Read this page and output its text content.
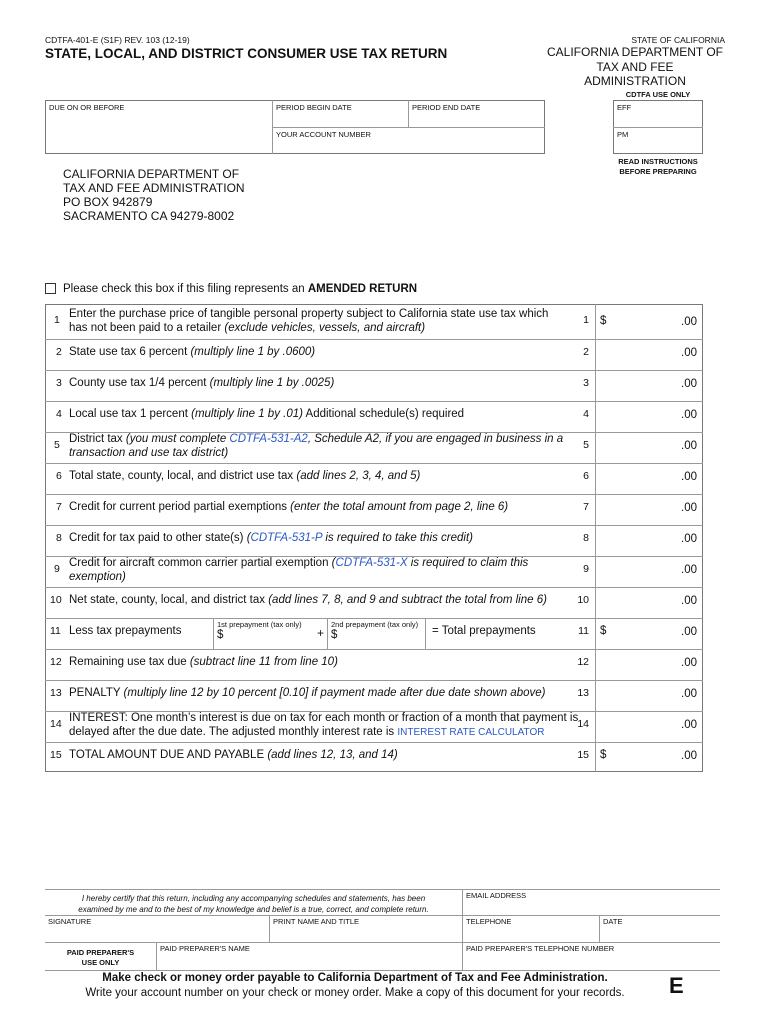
CDTFA-401-E (S1F) REV. 103 (12-19)
STATE, LOCAL, AND DISTRICT CONSUMER USE TAX RETURN
STATE OF CALIFORNIA
CALIFORNIA DEPARTMENT OF
TAX AND FEE ADMINISTRATION
DUE ON OR BEFORE	PERIOD BEGIN DATE	PERIOD END DATE
YOUR ACCOUNT NUMBER
CDTFA USE ONLY
EFF
PM
READ INSTRUCTIONS
BEFORE PREPARING
CALIFORNIA DEPARTMENT OF
TAX AND FEE ADMINISTRATION
PO BOX 942879
SACRAMENTO CA 94279-8002
Please check this box if this filing represents an AMENDED RETURN
1 Enter the purchase price of tangible personal property subject to California state use tax which
has not been paid to a retailer (exclude vehicles, vessels, and aircraft)
1 $	.00
2 State use tax 6 percent (multiply line 1 by .0600)	2	.00
3 County use tax 1/4 percent (multiply line 1 by .0025)	3	.00
4 Local use tax 1 percent (multiply line 1 by .01) Additional schedule(s) required	4	.00
5 District tax (you must complete CDTFA-531-A2, Schedule A2, if you are engaged in business in a
transaction and use tax district)
5	.00
6 Total state, county, local, and district use tax (add lines 2, 3, 4, and 5)	6	.00
7 Credit for current period partial exemptions (enter the total amount from page 2, line 6)	7	.00
8 Credit for tax paid to other state(s) (CDTFA-531-P is required to take this credit)	8	.00
9 Credit for aircraft common carrier partial exemption (CDTFA-531-X is required to claim this
exemption)
9	.00
10 Net state, county, local, and district tax (add lines 7, 8, and 9 and subtract the total from line 6)	10	.00
11 Less tax prepayments
1st prepayment (tax only)	2nd prepayment (tax only)
$	+ $	= Total prepayments	11 $	.00
12 Remaining use tax due (subtract line 11 from line 10)	12	.00
13 PENALTY (multiply line 12 by 10 percent [0.10] if payment made after due date shown above)	13	.00
14 INTEREST: One month’s interest is due on tax for each month or fraction of a month that payment is
delayed after the due date. The adjusted monthly interest rate is INTEREST RATE CALCULATOR
14	.00
15 TOTAL AMOUNT DUE AND PAYABLE (add lines 12, 13, and 14)	15 $	.00
I hereby certify that this return, including any accompanying schedules and statements, has been
examined by me and to the best of my knowledge and belief is a true, correct, and complete return.
EMAIL ADDRESS
SIGNATURE	PRINT NAME AND TITLE	TELEPHONE	DATE
PAID PREPARER'S
USE ONLY
PAID PREPARER'S NAME	PAID PREPARER'S TELEPHONE NUMBER
Make check or money order payable to California Department of Tax and Fee Administration.
Write your account number on your check or money order. Make a copy of this document for your records.	E
